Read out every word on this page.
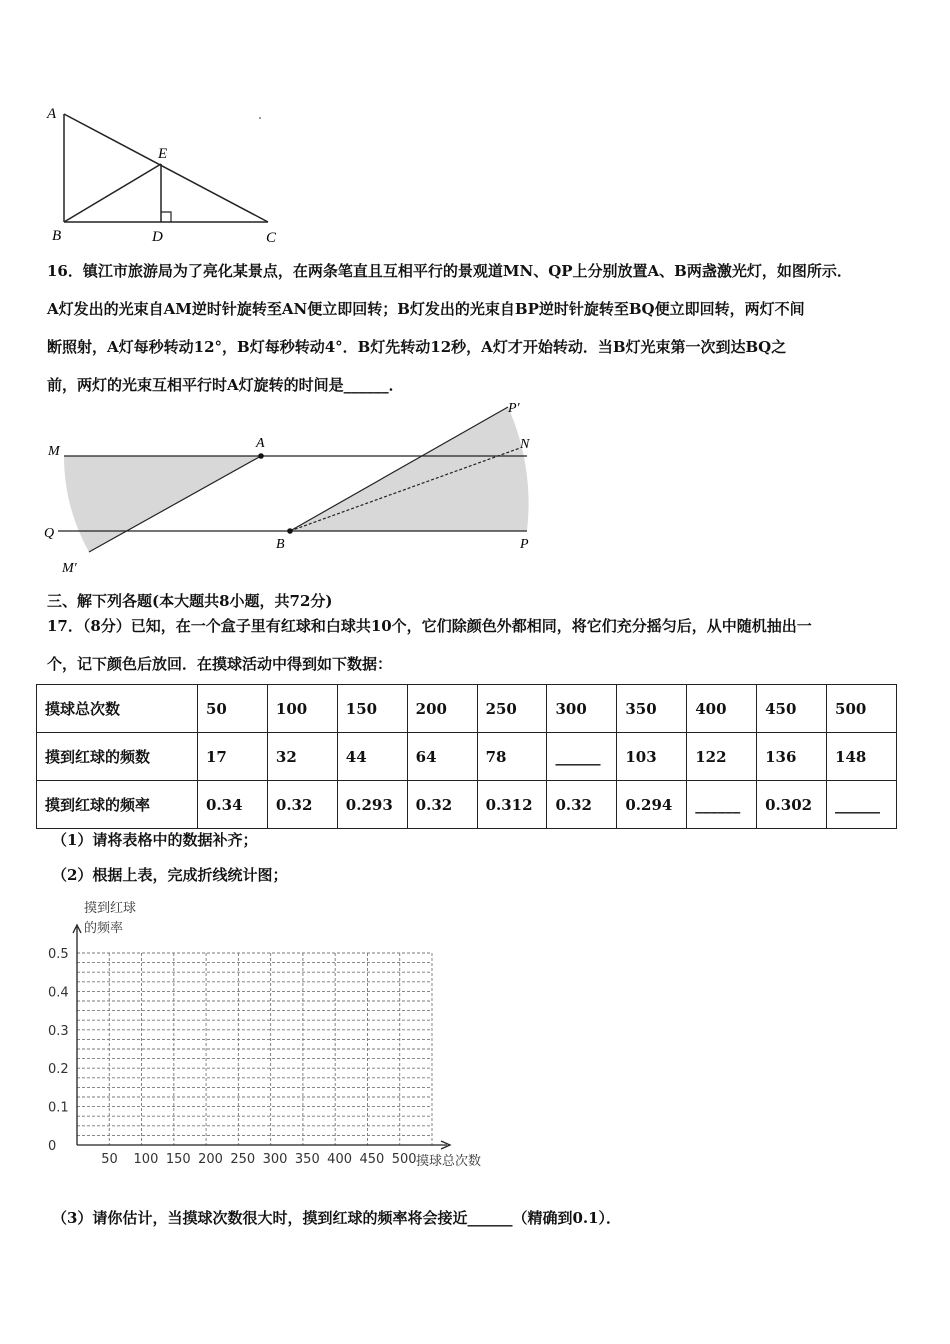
A
E
B	D	C
16．镇江市旅游局为了亮化某景点，在两条笔直且互相平行的景观道MN、QP上分别放置A、B两盏激光灯，如图所示．
A灯发出的光束自AM逆时针旋转至AN便立即回转；B灯发出的光束自BP逆时针旋转至BQ便立即回转，两灯不间
断照射，A灯每秒转动12°，B灯每秒转动4°．B灯先转动12秒，A灯才开始转动．当B灯光束第一次到达BQ之
前，两灯的光束互相平行时A灯旋转的时间是______．
M
A	N
P′
Q
B	P
M′
三、解下列各题(本大题共8小题，共72分)
17．（8分）已知，在一个盒子里有红球和白球共10个，它们除颜色外都相同，将它们充分摇匀后，从中随机抽出一
个，记下颜色后放回．在摸球活动中得到如下数据：
摸球总次数	50	100	150	200	250	300	350	400	450	500
摸到红球的频数	17	32	44	64	78	______	103	122	136	148
摸到红球的频率	0.34	0.32	0.293	0.32	0.312	0.32	0.294	______	0.302	______
（1）请将表格中的数据补齐；
（2）根据上表，完成折线统计图；
摸到红球
的频率
0.5
0.4
0.3
0.2
0.1
0
50 100 150 200 250 300 350 400 450 500 摸球总次数
（3）请你估计，当摸球次数很大时，摸到红球的频率将会接近______（精确到0.1）．
